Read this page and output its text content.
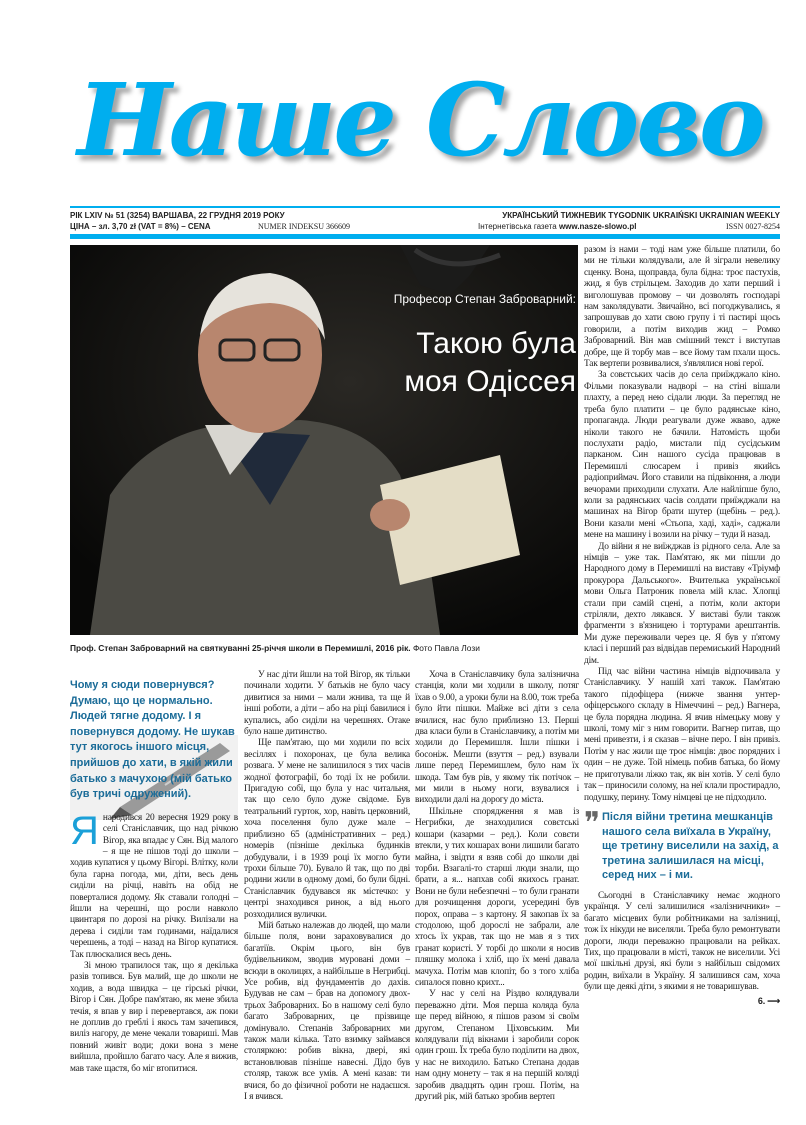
Наше Слово
РІК LXIV № 51 (3254) ВАРШАВА, 22 ГРУДНЯ 2019 РОКУ
ЦІНА – зл. 3,70 zł (VAT = 8%) – CENA	NUMER INDEKSU 366609
УКРАЇНСЬКИЙ ТИЖНЕВИК TYGODNIK UKRAIŃSKI UKRAINIAN WEEKLY
Інтернетівська газета www.nasze-slowo.pl	ISSN 0027-8254
Професор Степан Заброварний:
Такою була
моя Одіссея
Проф. Степан Заброварний на святкуванні 25-річчя школи в Перемишлі, 2016 рік. Фото Павла Лози
Чому я сюди повернувся? Думаю, що це нормально. Людей тягне додому. І я повернувся додому. Не шукав тут якогось іншого місця, прийшов до хати, в якій жили батько з мачухою (мій батько був тричі одружений).

Янародився 20 вересня 1929 року в селі Станіславчик, що над річкою Вігор, яка впадає у Сян. Від малого – я ще не пішов тоді до школи – ходив купатися у цьому Вігорі. Влітку, коли була гарна погода, ми, діти, весь день сиділи на річці, навіть на обід не поверталися додому. Як ставали голодні – йшли на черешні, що росли навколо цвинтаря по дорозі на річку. Вилізали на дерева і сиділи там годинами, наїдалися черешень, а тоді – назад на Вігор купатися. Так плюскалися весь день.

Зі мною трапилося так, що я декілька разів топився. Був малий, ще до школи не ходив, а вода швидка – це гірські річки, Вігор і Сян. Добре пам'ятаю, як мене збила течія, я впав у вир і перевертався, аж поки не доплив до греблі і якось там зачепився, виліз нагору, де мене чекали товариші. Мав повний живіт води; доки вона з мене вийшла, пройшло багато часу. Але я вижив, мав таке щастя, бо міг втопитися.

У нас діти йшли на той Вігор, як тільки починали ходити. У батьків не було часу дивитися за ними – мали жнива, та ще й інші роботи, а діти – або на ріці бавилися і купались, або сиділи на черешнях. Отаке було наше дитинство.

Ще пам'ятаю, що ми ходили по всіх весіллях і похоронах, це була велика розвага. У мене не залишилося з тих часів жодної фотографії, бо тоді їх не робили. Пригадую собі, що була у нас читальня, так що село було дуже свідоме. Був театральний гурток, хор, навіть церковний, хоча поселення було дуже мале – приблизно 65 (адміністративних – ред.) номерів (пізніше декілька будинків добудували, і в 1939 році їх могло бути трохи більше 70). Бувало й так, що по дві родини жили в одному домі, бо були бідні. Станіславчик будувався як містечко: у центрі знаходився ринок, а від нього розходилися вулички.

Мій батько належав до людей, що мали більше поля, вони зараховувалися до багатіїв. Окрім цього, він був будівельником, зводив муровані доми – всюди в околицях, а найбільше в Негрибці. Усе робив, від фундаментів до дахів. Будував не сам – брав на допомогу двох-трьох Заброварних. Бо в нашому селі було багато Заброварних, це прізвище домінувало. Степанів Заброварних ми також мали кілька. Тато взимку займався столяркою: робив вікна, двері, які встановлював пізніше навесні. Дідо був столяр, також все умів. А мені казав: ти вчися, бо до фізичної роботи не надаєшся. І я вчився.

Хоча в Станіславчику була залізнична станція, коли ми ходили в школу, потяг їхав о 9.00, а уроки були на 8.00, тож треба було йти пішки. Майже всі діти з села вчилися, нас було приблизно 13. Перші два класи були в Станіславчику, а потім ми ходили до Перемишля. Ішли пішки і босоніж. Мешти (взуття – ред.) взували лише перед Перемишлем, було нам їх шкода. Там був рів, у якому тік потічок – ми мили в ньому ноги, взувалися і виходили далі на дорогу до міста.

Шкільне спорядження я мав із Негрибки, де знаходилися совєтські кошари (казарми – ред.). Коли совєти втекли, у тих кошарах вони лишили багато майна, і звідти я взяв собі до школи дві торби. Взагалі-то старші люди знали, що брати, а я... напхав собі якихось гранат. Вони не були небезпечні – то були гранати для розчищення дороги, усередині був порох, оправа – з картону. Я закопав їх за стодолою, щоб дорослі не забрали, але хтось їх украв, так що не мав я з тих гранат користі. У торбі до школи я носив пляшку молока і хліб, що їх мені давала мачуха. Потім мав клопіт, бо з того хліба сипалося повно крихт...

У нас у селі на Різдво колядували переважно діти. Моя перша коляда була ще перед війною, я пішов разом зі своїм другом, Степаном Ціховським. Ми колядували під вікнами і заробили сорок один грош. Їх треба було поділити на двох, у нас не виходило. Батько Степана додав нам одну монету – так я на першій коляді заробив двадцять один грош. Потім, на другий рік, мій батько зробив вертеп

разом із нами – тоді нам уже більше платили, бо ми не тільки колядували, але й зіграли невелику сценку. Вона, щоправда, була бідна: троє пастухів, жид, я був стрільцем. Заходив до хати перший і виголошував промову – чи дозволять господарі нам заколядувати. Звичайно, всі погоджувались, я запрошував до хати свою групу і ті пастирі щось говорили, а потім виходив жид – Ромко Заброварний. Він мав смішний текст і виступав добре, ще й торбу мав – все йому там пхали щось. Так вертепи розвивалися, з'являлися нові герої.

За совєтських часів до села приїжджало кіно. Фільми показували надворі – на стіні вішали плахту, а перед нею сідали люди. За перегляд не треба було платити – це було радянське кіно, пропаганда. Люди реагували дуже жваво, адже ніколи такого не бачили. Натомість щоби послухати радіо, мистали під сусідським парканом. Син нашого сусіда працював в Перемишлі слюсарем і привіз якийсь радіоприймач. Його ставили на підвіконня, а люди вечорами приходили слухати. Але найліпше було, коли за радянських часів солдати приїжджали на машинах на Вігор брати шутер (щебінь – ред.). Вони казали мені «Стьопа, хаді, хаді», саджали мене на машину і возили на річку – туди й назад.

До війни я не виїжджав із рідного села. Але за німців – уже так. Пам'ятаю, як ми пішли до Народного дому в Перемишлі на виставу «Тріумф прокурора Дальського». Вчителька української мови Ольга Патроник повела мій клас. Хлопці стали при самій сцені, а потім, коли актори стріляли, дехто лякався. У виставі були також фрагменти з в'язницею і тортурами арештантів. Ми дуже переживали через це. Я був у п'ятому класі і перший раз відвідав перемиський Народний дім.

Під час війни частина німців відпочивала у Станіславчику. У нашій хаті також. Пам'ятаю такого підофіцера (нижче звання унтер-офіцерського складу в Німеччині – ред.) Вагнера, це була порядна людина. Я вчив німецьку мову у школі, тому міг з ним говорити. Вагнер питав, що мені привезти, і я сказав – вічне перо. І він привіз. Потім у нас жили ще троє німців: двоє порядних і один – не дуже. Той німець побив батька, бо йому не приготували ліжко так, як він хотів. У селі було так – приносили солому, на неї клали простирадло, подушку, перину. Тому німцеві це не підходило.

❞ Після війни третина мешканців нашого села виїхала в Україну, ще третину виселили на захід, а третина залишилася на місці, серед них – і ми.

Сьогодні в Станіславчику немає жодного українця. У селі залишилися «залізничники» – багато місцевих були робітниками на залізниці, тож їх нікуди не виселяли. Треба було ремонтувати дороги, люди переважно працювали на рейках. Тих, що працювали в місті, також не виселили. Усі мої шкільні друзі, які були з найбільш свідомих родин, виїхали в Україну. Я залишився сам, хоча були ще деякі діти, з якими я не товаришував.

6. ⟶
